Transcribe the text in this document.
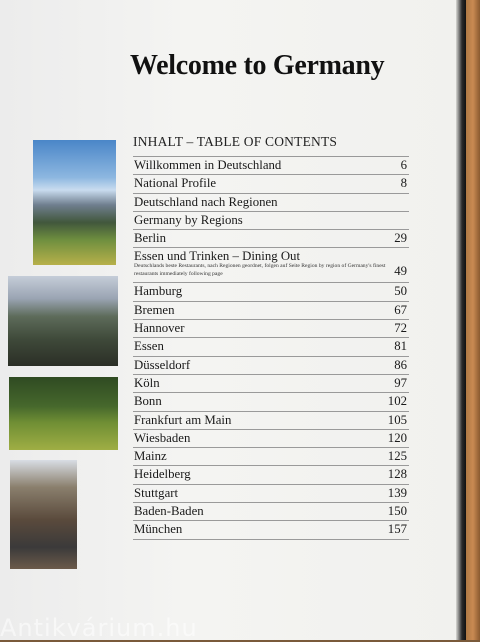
Welcome to Germany
INHALT – TABLE OF CONTENTS
Willkommen in Deutschland	6
National Profile	8
Deutschland nach Regionen
Germany by Regions
Berlin	29
Essen und Trinken – Dining Out
Deutschlands beste Restaurants, nach Regionen geordnet, folgen auf Seite Region by region of Germany's finest restaurants immediately following page	49
Hamburg	50
Bremen	67
Hannover	72
Essen	81
Düsseldorf	86
Köln	97
Bonn	102
Frankfurt am Main	105
Wiesbaden	120
Mainz	125
Heidelberg	128
Stuttgart	139
Baden-Baden	150
München	157
Antikvárium.hu
